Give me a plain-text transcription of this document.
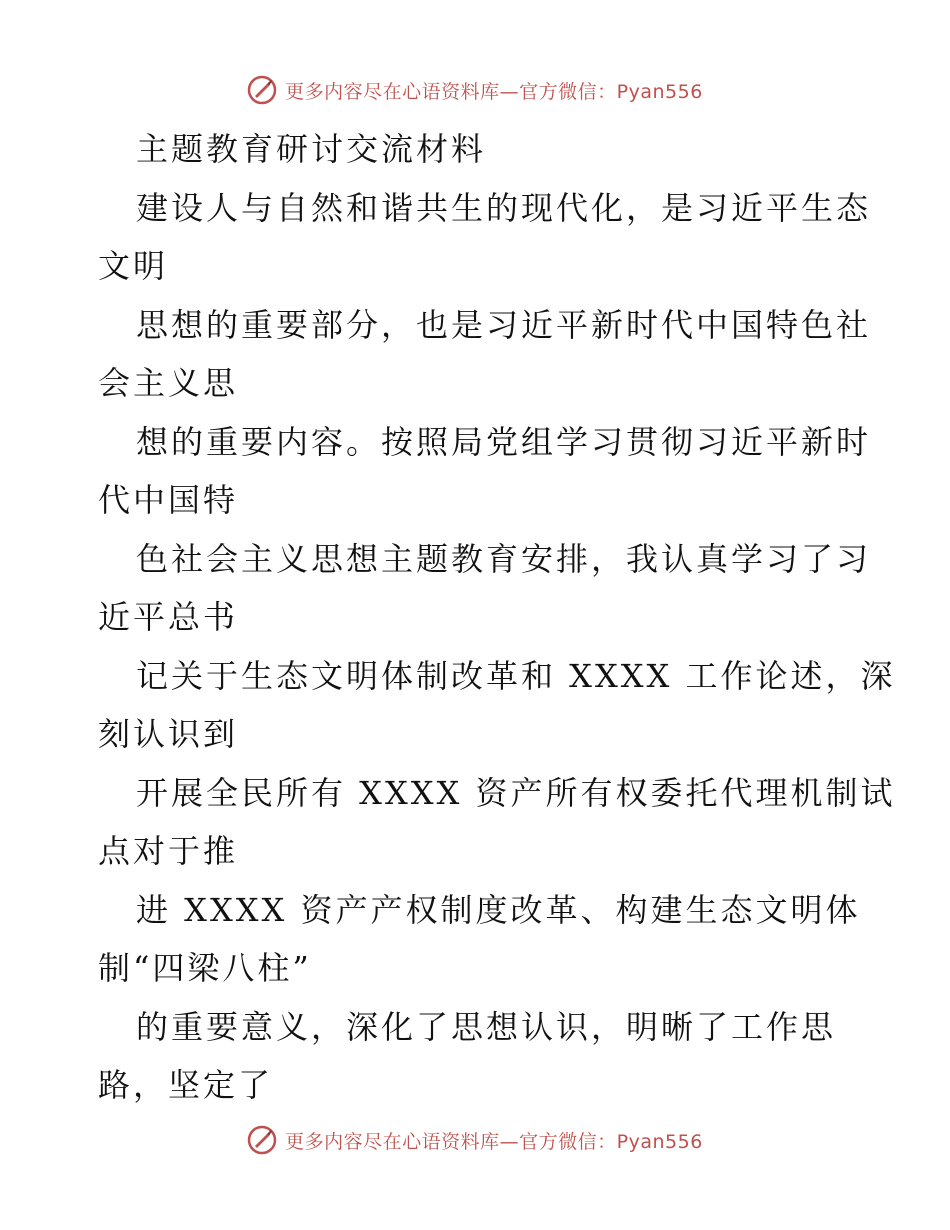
更多内容尽在心语资料库—官方微信：Pyan556
主题教育研讨交流材料
建设人与自然和谐共生的现代化，是习近平生态
文明
思想的重要部分，也是习近平新时代中国特色社
会主义思
想的重要内容。按照局党组学习贯彻习近平新时
代中国特
色社会主义思想主题教育安排，我认真学习了习
近平总书
记关于生态文明体制改革和 XXXX 工作论述，深
刻认识到
开展全民所有 XXXX 资产所有权委托代理机制试
点对于推
进 XXXX 资产产权制度改革、构建生态文明体
制“四梁八柱”
的重要意义，深化了思想认识，明晰了工作思
路，坚定了
更多内容尽在心语资料库—官方微信：Pyan556
